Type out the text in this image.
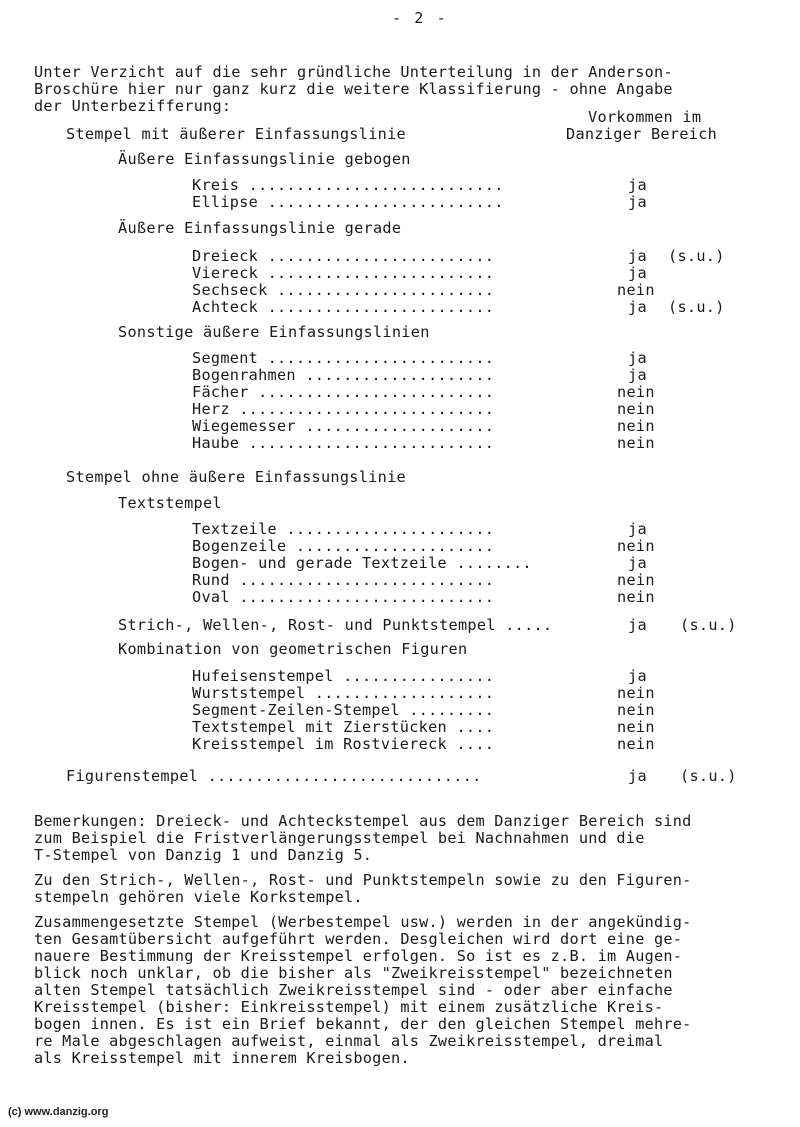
- 2 -
Unter Verzicht auf die sehr gründliche Unterteilung in der Anderson-
Broschüre hier nur ganz kurz die weitere Klassifierung - ohne Angabe
der Unterbezifferung:
Vorkommen im
Danziger Bereich
Stempel mit äußerer Einfassungslinie
Äußere Einfassungslinie gebogen
Kreis ...........................	ja
Ellipse .........................	ja
Äußere Einfassungslinie gerade
Dreieck ........................	ja (s.u.)
Viereck ........................	ja
Sechseck .......................	nein
Achteck ........................	ja (s.u.)
Sonstige äußere Einfassungslinien
Segment ........................	ja
Bogenrahmen ....................	ja
Fächer .........................	nein
Herz ...........................	nein
Wiegemesser ....................	nein
Haube ..........................	nein
Stempel ohne äußere Einfassungslinie
Textstempel
Textzeile ......................	ja
Bogenzeile .....................	nein
Bogen- und gerade Textzeile ........	ja
Rund ...........................	nein
Oval ...........................	nein
Strich-, Wellen-, Rost- und Punktstempel .....	ja (s.u.)
Kombination von geometrischen Figuren
Hufeisenstempel ................	ja
Wurststempel ...................	nein
Segment-Zeilen-Stempel .........	nein
Textstempel mit Zierstücken ....	nein
Kreisstempel im Rostviereck ....	nein
Figurenstempel .............................	ja (s.u.)
Bemerkungen: Dreieck- und Achteckstempel aus dem Danziger Bereich sind
zum Beispiel die Fristverlängerungsstempel bei Nachnahmen und die
T-Stempel von Danzig 1 und Danzig 5.
Zu den Strich-, Wellen-, Rost- und Punktstempeln sowie zu den Figuren-
stempeln gehören viele Korkstempel.
Zusammengesetzte Stempel (Werbestempel usw.) werden in der angekündig-
ten Gesamtübersicht aufgeführt werden. Desgleichen wird dort eine ge-
nauere Bestimmung der Kreisstempel erfolgen. So ist es z.B. im Augen-
blick noch unklar, ob die bisher als "Zweikreisstempel" bezeichneten
alten Stempel tatsächlich Zweikreisstempel sind - oder aber einfache
Kreisstempel (bisher: Einkreisstempel) mit einem zusätzliche Kreis-
bogen innen. Es ist ein Brief bekannt, der den gleichen Stempel mehre-
re Male abgeschlagen aufweist, einmal als Zweikreisstempel, dreimal
als Kreisstempel mit innerem Kreisbogen.
(c) www.danzig.org
